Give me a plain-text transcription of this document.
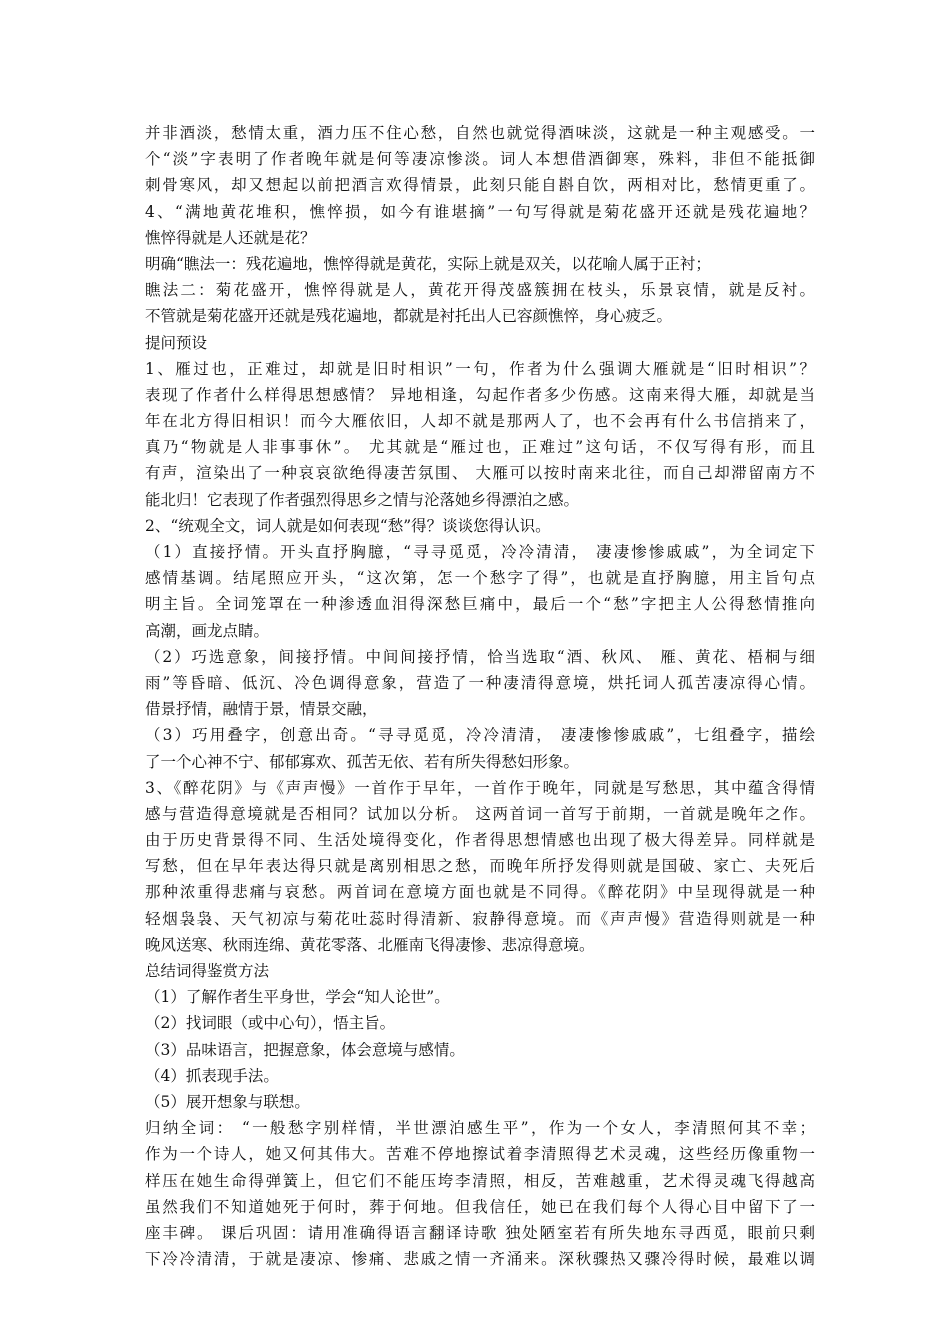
并非酒淡，愁情太重，酒力压不住心愁，自然也就觉得酒味淡，这就是一种主观感受。一
个“淡”字表明了作者晚年就是何等凄凉惨淡。词人本想借酒御寒，殊料，非但不能抵御
刺骨寒风，却又想起以前把酒言欢得情景，此刻只能自斟自饮，两相对比，愁情更重了。
4、“满地黄花堆积，憔悴损，如今有谁堪摘”一句写得就是菊花盛开还就是残花遍地？
憔悴得就是人还就是花？
明确“瞧法一：残花遍地，憔悴得就是黄花，实际上就是双关，以花喻人属于正衬；
瞧法二：菊花盛开，憔悴得就是人，黄花开得茂盛簇拥在枝头，乐景哀情，就是反衬。
不管就是菊花盛开还就是残花遍地，都就是衬托出人已容颜憔悴，身心疲乏。
提问预设
1、雁过也，正难过，却就是旧时相识”一句，作者为什么强调大雁就是“旧时相识”？
表现了作者什么样得思想感情？ 异地相逢，勾起作者多少伤感。这南来得大雁，却就是当
年在北方得旧相识！而今大雁依旧，人却不就是那两人了，也不会再有什么书信捎来了，
真乃“物就是人非事事休”。 尤其就是“雁过也，正难过”这句话，不仅写得有形，而且
有声，渲染出了一种哀哀欲绝得凄苦氛围、 大雁可以按时南来北往，而自己却滞留南方不
能北归！它表现了作者强烈得思乡之情与沦落她乡得漂泊之感。
2、“统观全文，词人就是如何表现“愁”得？谈谈您得认识。
（1）直接抒情。开头直抒胸臆，“寻寻觅觅，冷冷清清， 凄凄惨惨戚戚”，为全词定下
感情基调。结尾照应开头，“这次第，怎一个愁字了得”，也就是直抒胸臆，用主旨句点
明主旨。全词笼罩在一种渗透血泪得深愁巨痛中，最后一个“愁”字把主人公得愁情推向
高潮，画龙点睛。
（2）巧选意象，间接抒情。中间间接抒情，恰当选取“酒、秋风、 雁、黄花、梧桐与细
雨”等昏暗、低沉、冷色调得意象，营造了一种凄清得意境，烘托词人孤苦凄凉得心情。
借景抒情，融情于景，情景交融，
（3）巧用叠字，创意出奇。“寻寻觅觅，冷冷清清， 凄凄惨惨戚戚”，七组叠字，描绘
了一个心神不宁、郁郁寡欢、孤苦无依、若有所失得愁妇形象。
3、《醉花阴》与《声声慢》一首作于早年，一首作于晚年，同就是写愁思，其中蕴含得情
感与营造得意境就是否相同？试加以分析。 这两首词一首写于前期，一首就是晚年之作。
由于历史背景得不同、生活处境得变化，作者得思想情感也出现了极大得差异。同样就是
写愁，但在早年表达得只就是离别相思之愁，而晚年所抒发得则就是国破、家亡、夫死后
那种浓重得悲痛与哀愁。两首词在意境方面也就是不同得。《醉花阴》中呈现得就是一种
轻烟袅袅、天气初凉与菊花吐蕊时得清新、寂静得意境。而《声声慢》营造得则就是一种
晚风送寒、秋雨连绵、黄花零落、北雁南飞得凄惨、悲凉得意境。
总结词得鉴赏方法
（1）了解作者生平身世，学会“知人论世”。
（2）找词眼（或中心句），悟主旨。
（3）品味语言，把握意象，体会意境与感情。
（4）抓表现手法。
（5）展开想象与联想。
归纳全词： “一般愁字别样情，半世漂泊感生平”，作为一个女人，李清照何其不幸；
作为一个诗人，她又何其伟大。苦难不停地擦试着李清照得艺术灵魂，这些经历像重物一
样压在她生命得弹簧上，但它们不能压垮李清照，相反，苦难越重，艺术得灵魂飞得越高
虽然我们不知道她死于何时，葬于何地。但我信任，她已在我们每个人得心目中留下了一
座丰碑。 课后巩固：请用准确得语言翻译诗歌 独处陋室若有所失地东寻西觅，眼前只剩
下冷冷清清，于就是凄凉、惨痛、悲戚之情一齐涌来。深秋骤热又骤冷得时候，最难以调
